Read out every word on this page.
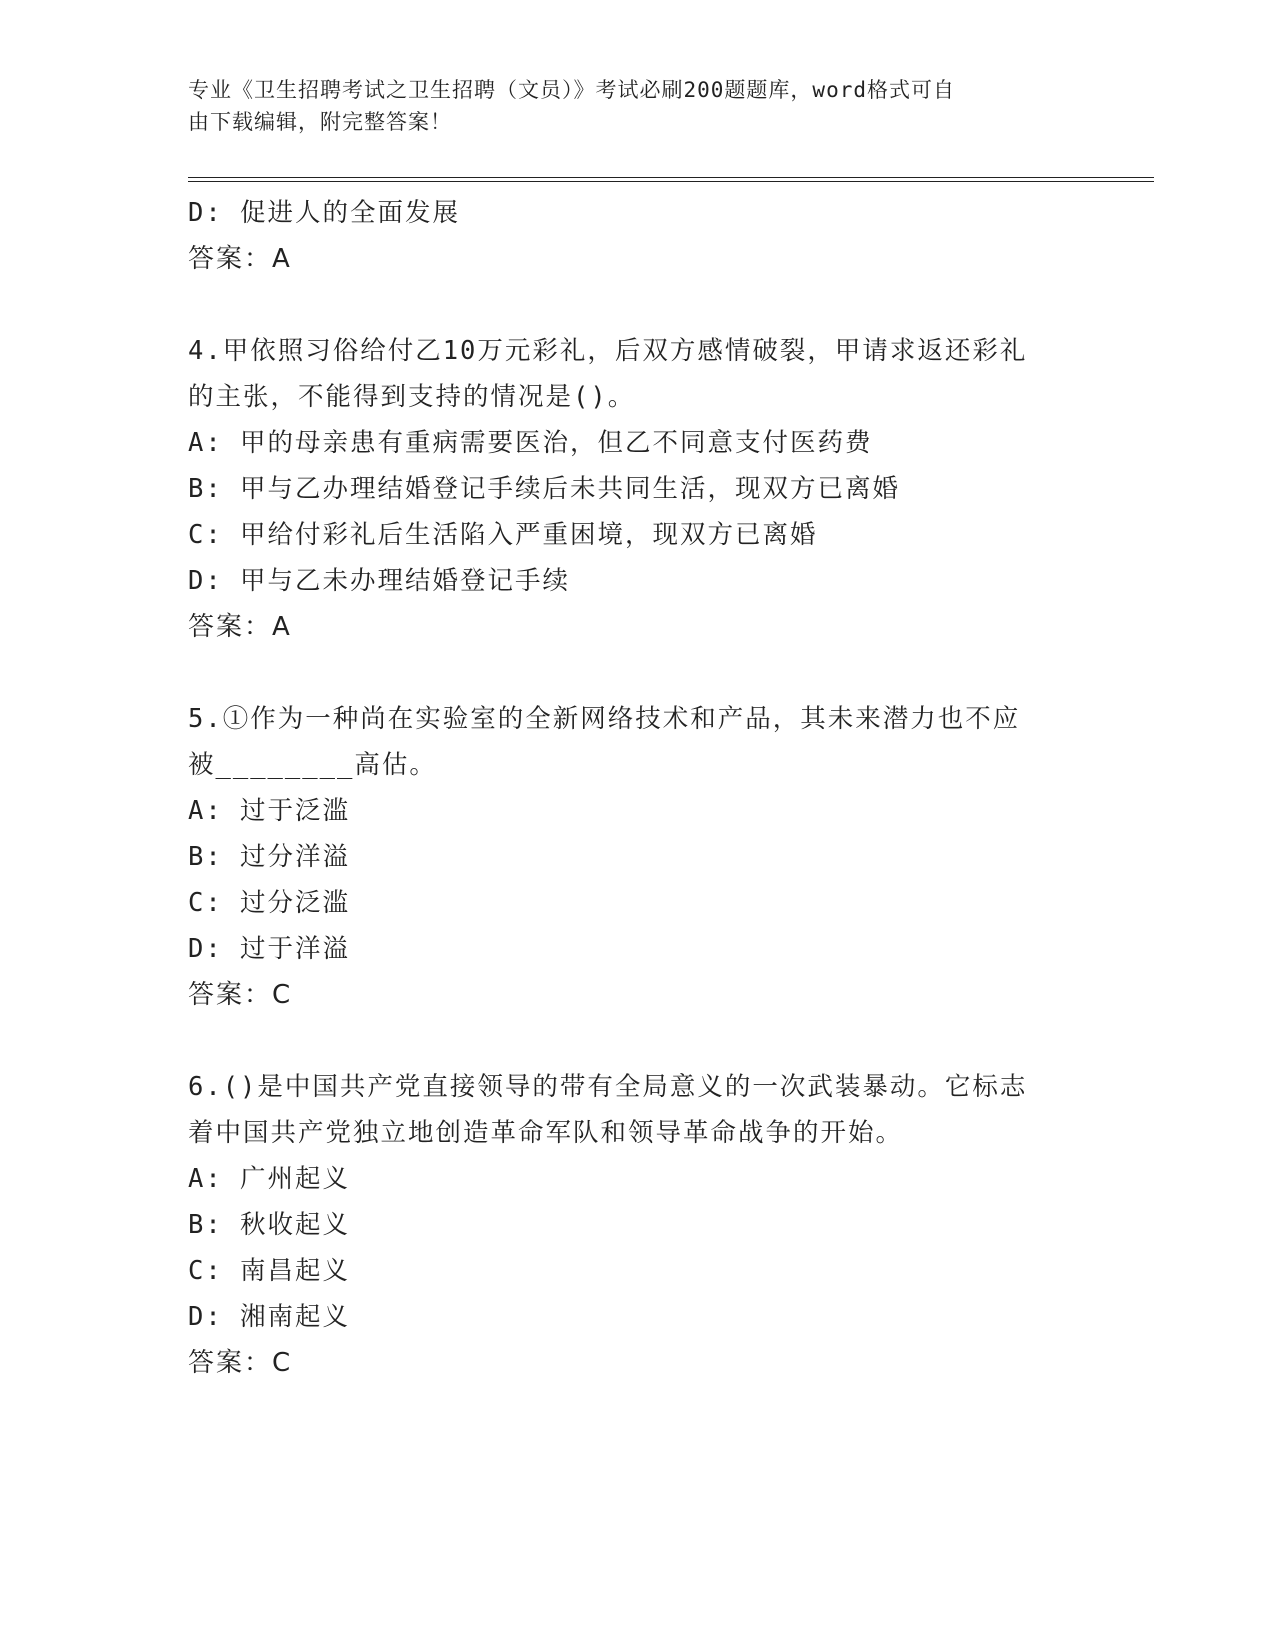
专业《卫生招聘考试之卫生招聘（文员）》考试必刷200题题库，word格式可自
由下载编辑，附完整答案！
D: 促进人的全面发展
答案：A
4.甲依照习俗给付乙10万元彩礼，后双方感情破裂，甲请求返还彩礼
的主张，不能得到支持的情况是()。
A: 甲的母亲患有重病需要医治，但乙不同意支付医药费
B: 甲与乙办理结婚登记手续后未共同生活，现双方已离婚
C: 甲给付彩礼后生活陷入严重困境，现双方已离婚
D: 甲与乙未办理结婚登记手续
答案：A
5.①作为一种尚在实验室的全新网络技术和产品，其未来潜力也不应
被________高估。
A: 过于泛滥
B: 过分洋溢
C: 过分泛滥
D: 过于洋溢
答案：C
6.()是中国共产党直接领导的带有全局意义的一次武装暴动。它标志
着中国共产党独立地创造革命军队和领导革命战争的开始。
A: 广州起义
B: 秋收起义
C: 南昌起义
D: 湘南起义
答案：C
